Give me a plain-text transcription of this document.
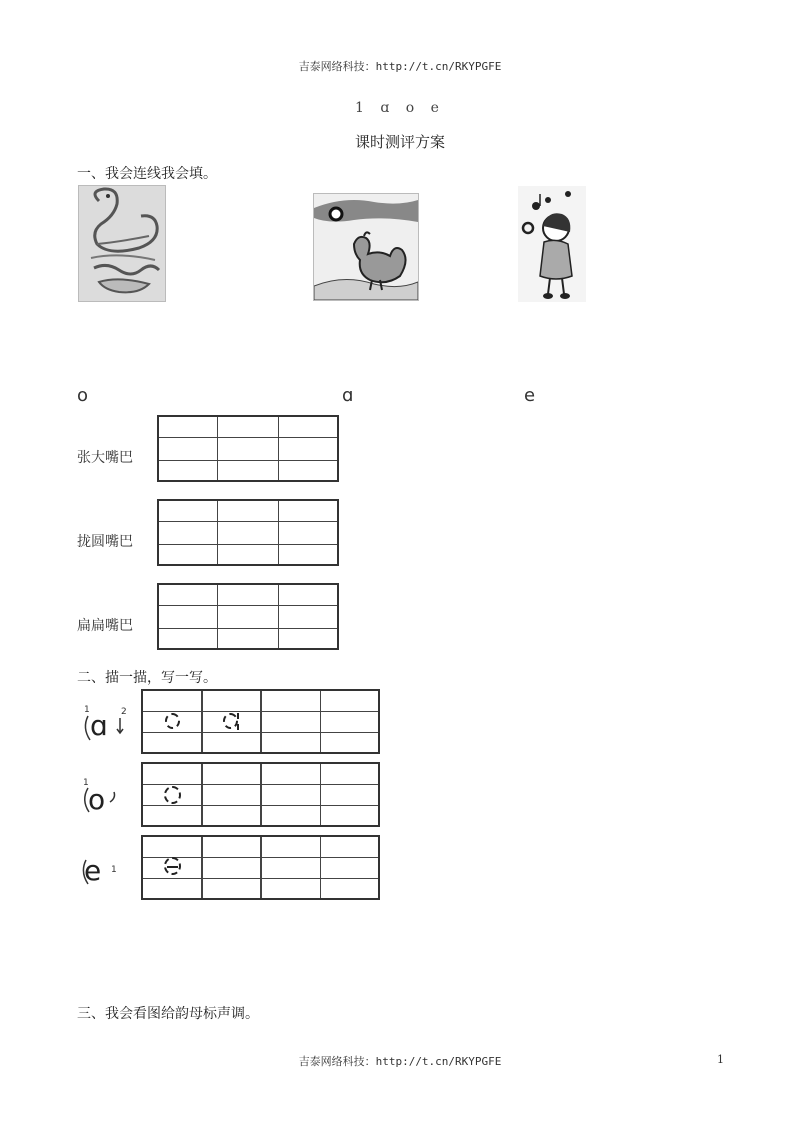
吉泰网络科技：http://t.cn/RKYPGFE
1 ɑ o e
课时测评方案
一、我会连线我会填。
o	ɑ	e
张大嘴巴
拢圆嘴巴
扁扁嘴巴
二、描一描，写一写。
1	2
ɑ
1 o
e 1
三、我会看图给韵母标声调。
吉泰网络科技：http://t.cn/RKYPGFE	1
